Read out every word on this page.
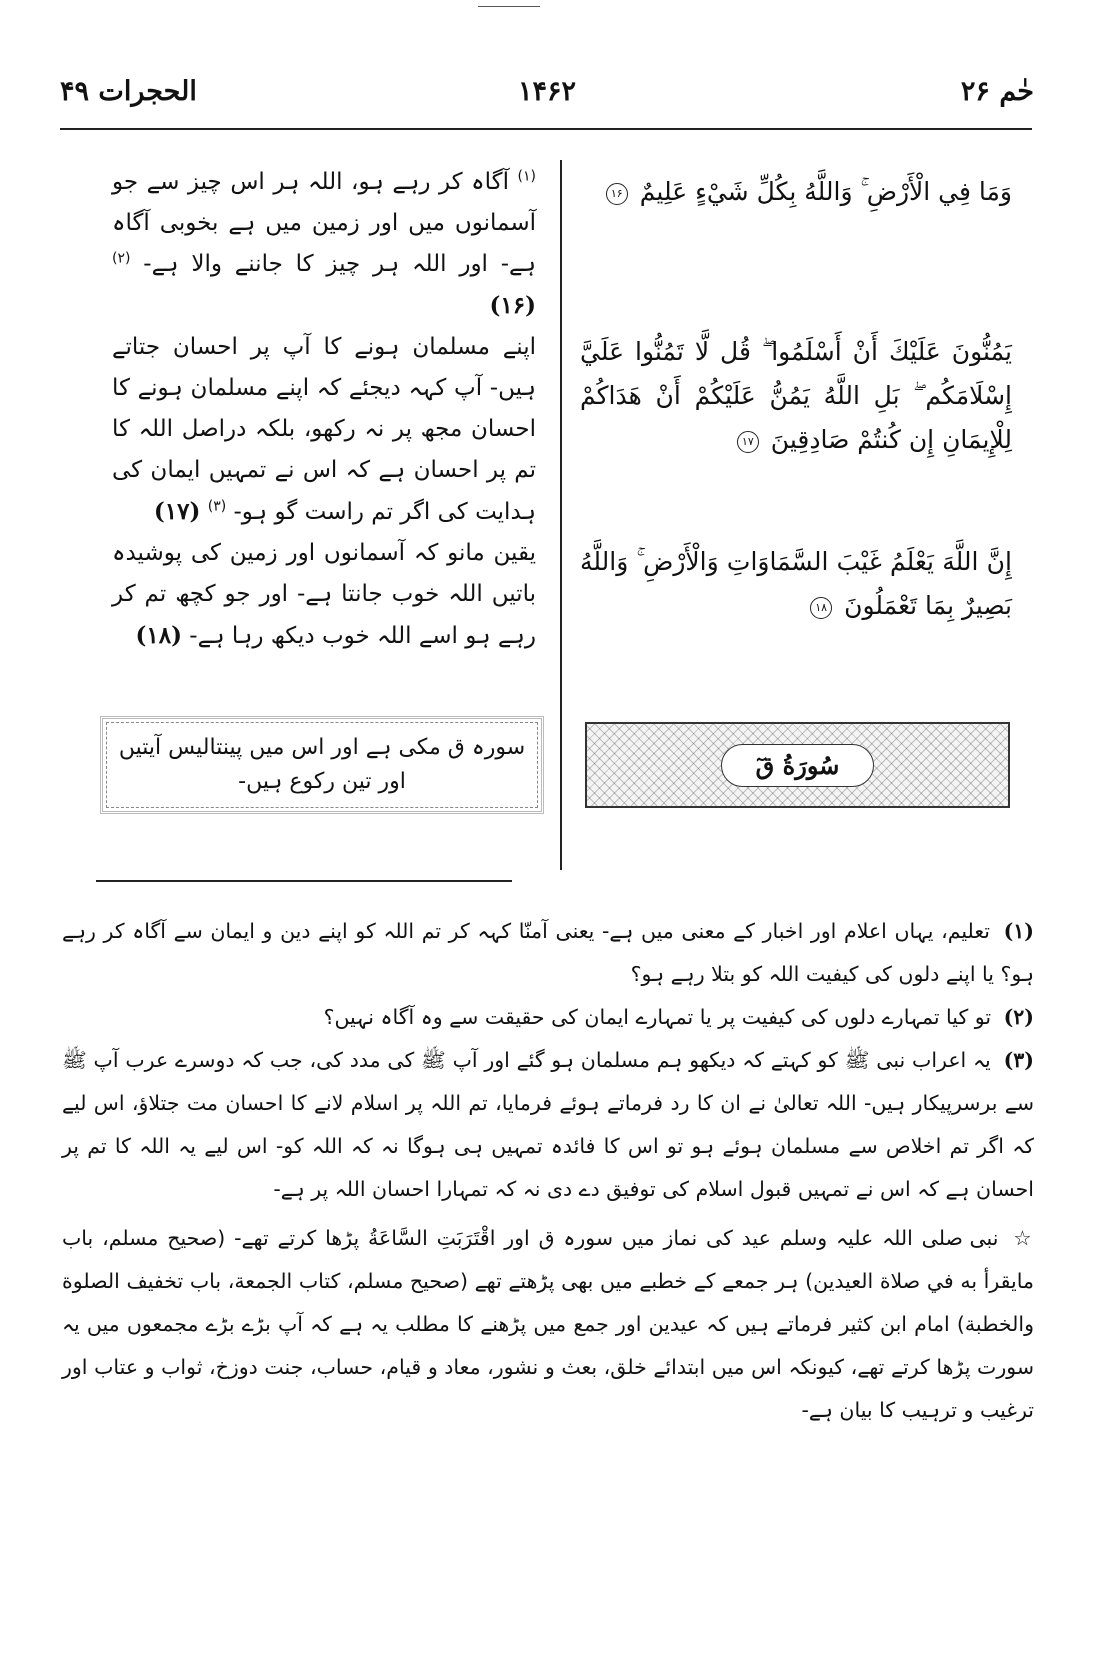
الحجرات ۴۹	۱۴۶۲	حٰم ۲۶
وَمَا فِي الْأَرْضِ ۚ وَاللَّهُ بِكُلِّ شَيْءٍ عَلِيمٌ ۱۶
يَمُنُّونَ عَلَيْكَ أَنْ أَسْلَمُوا ۖ قُل لَّا تَمُنُّوا عَلَيَّ إِسْلَامَكُم ۖ بَلِ اللَّهُ يَمُنُّ عَلَيْكُمْ أَنْ هَدَاكُمْ لِلْإِيمَانِ إِن كُنتُمْ صَادِقِينَ ۱۷
إِنَّ اللَّهَ يَعْلَمُ غَيْبَ السَّمَاوَاتِ وَالْأَرْضِ ۚ وَاللَّهُ بَصِيرٌ بِمَا تَعْمَلُونَ ۱۸

$^{(۱)}$ آگاہ کر رہے ہو، اللہ ہر اس چیز سے جو آسمانوں میں اور زمین میں ہے بخوبی آگاہ ہے- اور اللہ ہر چیز کا جاننے والا ہے- $^{(۲)}$ (۱۶)

اپنے مسلمان ہونے کا آپ پر احسان جتاتے ہیں- آپ کہہ دیجئے کہ اپنے مسلمان ہونے کا احسان مجھ پر نہ رکھو، بلکہ دراصل اللہ کا تم پر احسان ہے کہ اس نے تمہیں ایمان کی ہدایت کی اگر تم راست گو ہو- $^{(۳)}$ (۱۷)

یقین مانو کہ آسمانوں اور زمین کی پوشیدہ باتیں اللہ خوب جانتا ہے- اور جو کچھ تم کر رہے ہو اسے اللہ خوب دیکھ رہا ہے- (۱۸)

سورہ ق مکی ہے اور اس میں پینتالیس آیتیں اور تین رکوع ہیں-
سُورَةُ قٓ

(۱) تعلیم، یہاں اعلام اور اخبار کے معنی میں ہے- یعنی آمنّا کہہ کر تم اللہ کو اپنے دین و ایمان سے آگاہ کر رہے ہو؟ یا اپنے دلوں کی کیفیت اللہ کو بتلا رہے ہو؟

(۲) تو کیا تمہارے دلوں کی کیفیت پر یا تمہارے ایمان کی حقیقت سے وہ آگاہ نہیں؟

(۳) یہ اعراب نبی ﷺ کو کہتے کہ دیکھو ہم مسلمان ہو گئے اور آپ ﷺ کی مدد کی، جب کہ دوسرے عرب آپ ﷺ سے برسرپیکار ہیں- اللہ تعالیٰ نے ان کا رد فرماتے ہوئے فرمایا، تم اللہ پر اسلام لانے کا احسان مت جتلاؤ، اس لیے کہ اگر تم اخلاص سے مسلمان ہوئے ہو تو اس کا فائدہ تمہیں ہی ہوگا نہ کہ اللہ کو- اس لیے یہ اللہ کا تم پر احسان ہے کہ اس نے تمہیں قبول اسلام کی توفیق دے دی نہ کہ تمہارا احسان اللہ پر ہے-

☆ نبی صلی اللہ علیہ وسلم عید کی نماز میں سورہ ق اور اقْتَرَبَتِ السَّاعَةُ پڑھا کرتے تھے- (صحیح مسلم، باب مايقرأ به في صلاة العيدين) ہر جمعے کے خطبے میں بھی پڑھتے تھے (صحیح مسلم، کتاب الجمعة، باب تخفيف الصلوة والخطبة) امام ابن کثیر فرماتے ہیں کہ عیدین اور جمع میں پڑھنے کا مطلب یہ ہے کہ آپ بڑے بڑے مجمعوں میں یہ سورت پڑھا کرتے تھے، کیونکہ اس میں ابتدائے خلق، بعث و نشور، معاد و قیام، حساب، جنت دوزخ، ثواب و عتاب اور ترغیب و ترہیب کا بیان ہے-
